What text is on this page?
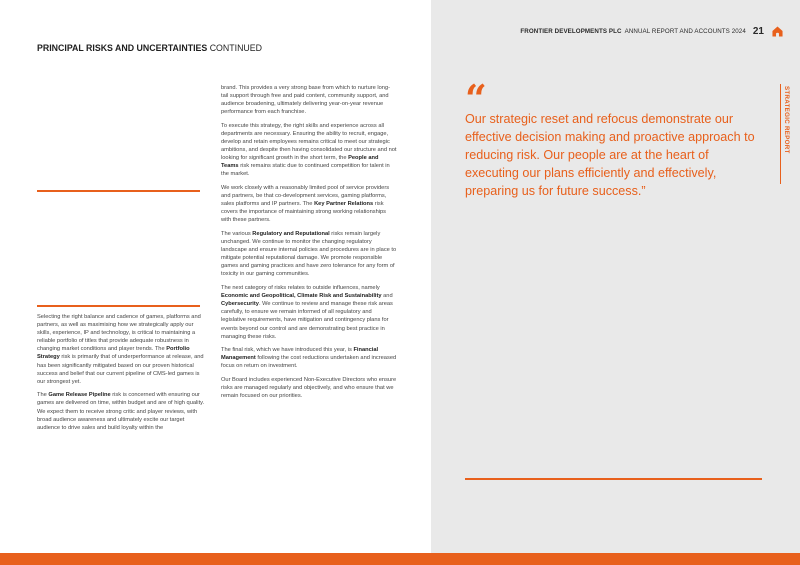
FRONTIER DEVELOPMENTS PLC ANNUAL REPORT AND ACCOUNTS 2024 21
PRINCIPAL RISKS AND UNCERTAINTIES CONTINUED

Selecting the right balance and cadence of games, platforms and partners, as well as maximising how we strategically apply our skills, experience, IP and technology, is critical to maintaining a reliable portfolio of titles that provide adequate robustness in changing market conditions and player trends. The Portfolio Strategy risk is primarily that of underperformance at release, and has been significantly mitigated based on our proven historical success and belief that our current pipeline of CMS-led games is our strongest yet.

The Game Release Pipeline risk is concerned with ensuring our games are delivered on time, within budget and are of high quality. We expect them to receive strong critic and player reviews, with broad audience awareness and ultimately excite our target audience to drive sales and build loyalty within the

brand. This provides a very strong base from which to nurture long-tail support through free and paid content, community support, and audience broadening, ultimately delivering year-on-year revenue performance from each franchise.

To execute this strategy, the right skills and experience across all departments are necessary. Ensuring the ability to recruit, engage, develop and retain employees remains critical to meet our strategic ambitions, and despite then having consolidated our structure and not looking for significant growth in the short term, the People and Teams risk remains static due to continued competition for talent in the market.

We work closely with a reasonably limited pool of service providers and partners, be that co-development services, gaming platforms, sales platforms and IP partners. The Key Partner Relations risk covers the importance of maintaining strong working relationships with these partners.

The various Regulatory and Reputational risks remain largely unchanged. We continue to monitor the changing regulatory landscape and ensure internal policies and procedures are in place to mitigate potential reputational damage. We promote responsible games and gaming practices and have zero tolerance for any form of toxicity in our gaming communities.

The next category of risks relates to outside influences, namely Economic and Geopolitical, Climate Risk and Sustainability and Cybersecurity. We continue to review and manage these risk areas carefully, to ensure we remain informed of all regulatory and legislative requirements, have mitigation and contingency plans for events beyond our control and are demonstrating best practice in managing these risks.

The final risk, which we have introduced this year, is Financial Management following the cost reductions undertaken and increased focus on return on investment.

Our Board includes experienced Non-Executive Directors who ensure risks are managed regularly and objectively, and who ensure that we remain focused on our priorities.

“
Our strategic reset and refocus demonstrate our effective decision making and proactive approach to reducing risk. Our people are at the heart of executing our plans efficiently and effectively, preparing us for future success.”
STRATEGIC REPORT
